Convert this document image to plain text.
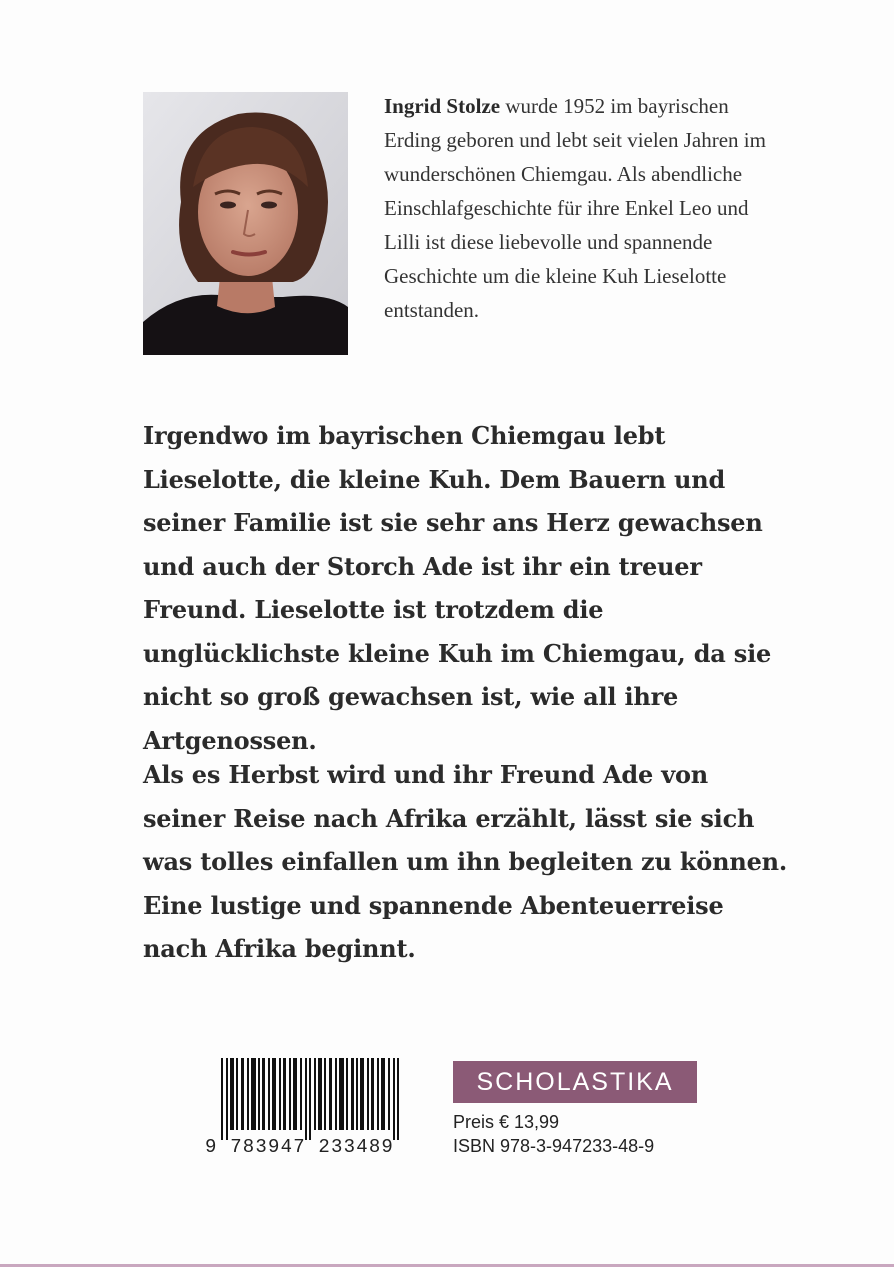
Ingrid Stolze wurde 1952 im bayrischen Erding geboren und lebt seit vielen Jahren im wunderschönen Chiemgau. Als abendliche Einschlafgeschichte für ihre Enkel Leo und Lilli ist diese liebevolle und spannende Geschichte um die kleine Kuh Lieselotte entstanden.
Irgendwo im bayrischen Chiemgau lebt Lieselotte, die kleine Kuh. Dem Bauern und seiner Familie ist sie sehr ans Herz gewachsen und auch der Storch Ade ist ihr ein treuer Freund. Lieselotte ist trotzdem die unglücklichste kleine Kuh im Chiemgau, da sie nicht so groß gewachsen ist, wie all ihre Artgenossen.
Als es Herbst wird und ihr Freund Ade von seiner Reise nach Afrika erzählt, lässt sie sich was tolles einfallen um ihn begleiten zu können. Eine lustige und spannende Abenteuerreise nach Afrika beginnt.
9 783947 233489
SCHOLASTIKA
Preis € 13,99
ISBN 978-3-947233-48-9
